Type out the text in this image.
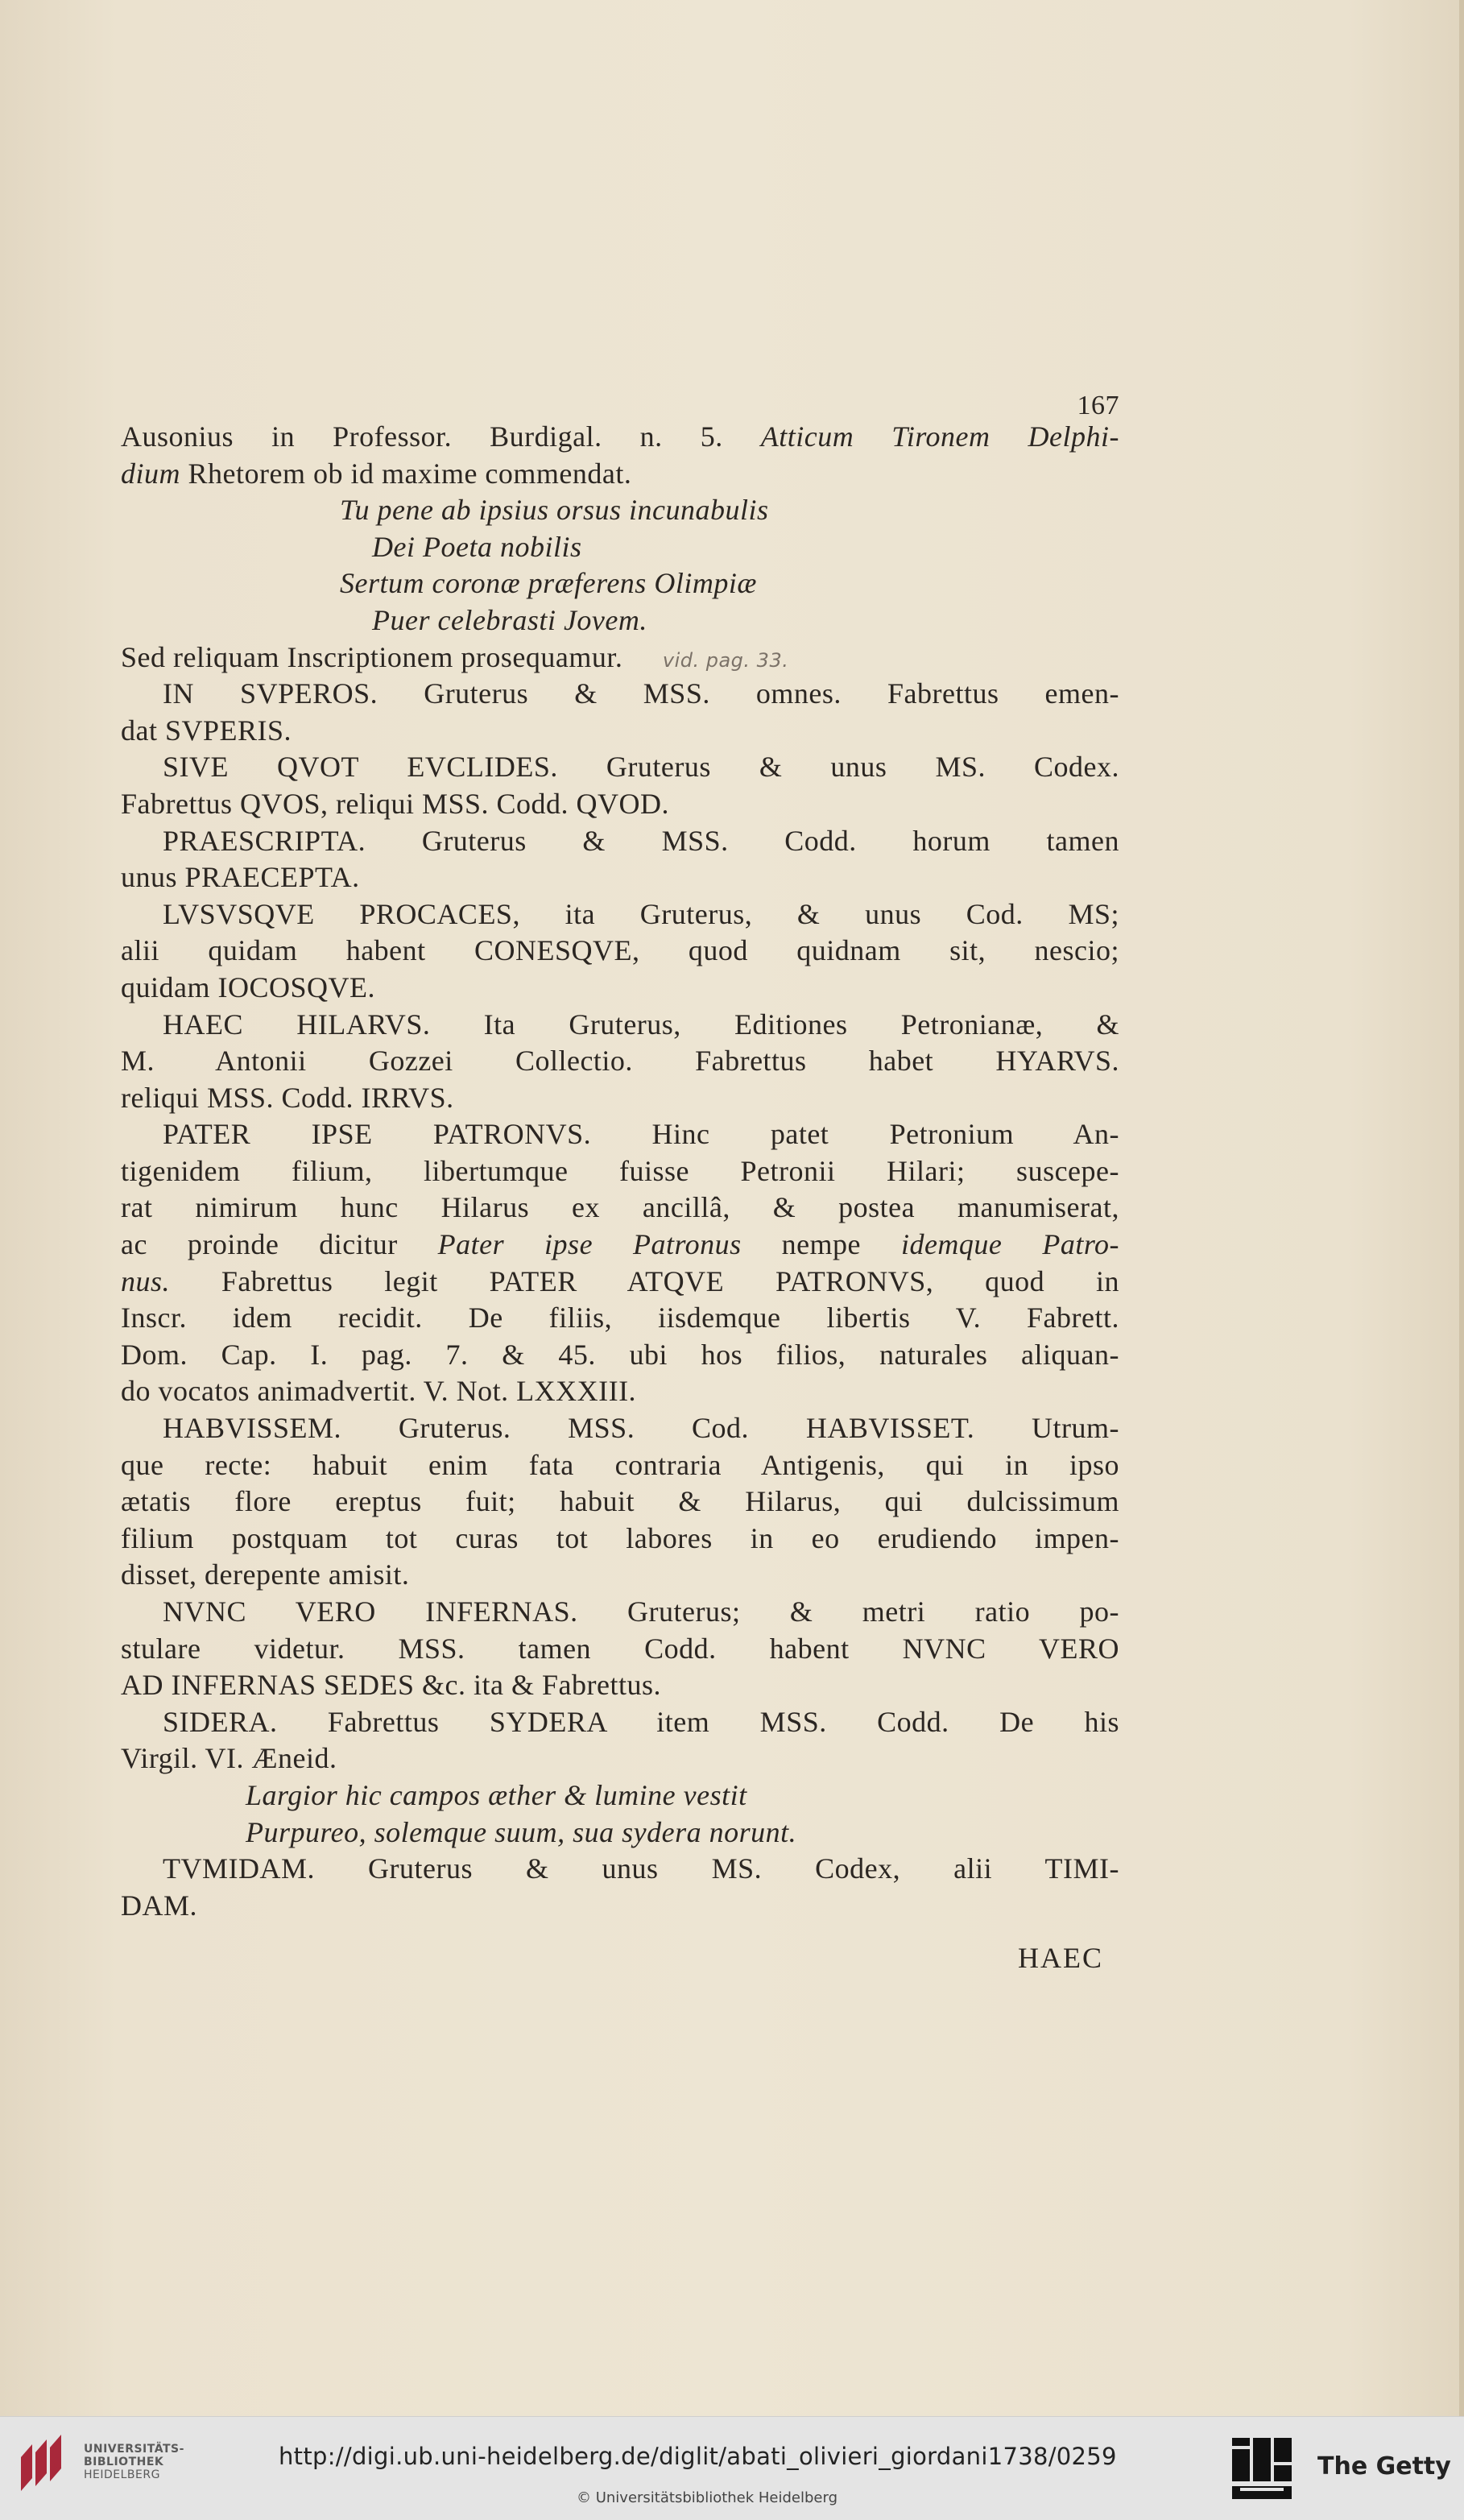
167
Ausonius in Professor. Burdigal. n. 5. Atticum Tironem Delphi-
dium Rhetorem ob id maxime commendat.
Tu pene ab ipsius orsus incunabulis
Dei Poeta nobilis
Sertum coronæ præferens Olimpiæ
Puer celebrasti Jovem.
Sed reliquam Inscriptionem prosequamur. vid. pag. 33.
IN SVPEROS. Gruterus & MSS. omnes. Fabrettus emen-
dat SVPERIS.
SIVE QVOT EVCLIDES. Gruterus & unus MS. Codex.
Fabrettus QVOS, reliqui MSS. Codd. QVOD.
PRAESCRIPTA. Gruterus & MSS. Codd. horum tamen
unus PRAECEPTA.
LVSVSQVE PROCACES, ita Gruterus, & unus Cod. MS;
alii quidam habent CONESQVE, quod quidnam sit, nescio;
quidam IOCOSQVE.
HAEC HILARVS. Ita Gruterus, Editiones Petronianæ, &
M. Antonii Gozzei Collectio. Fabrettus habet HYARVS.
reliqui MSS. Codd. IRRVS.
PATER IPSE PATRONVS. Hinc patet Petronium An-
tigenidem filium, libertumque fuisse Petronii Hilari; suscepe-
rat nimirum hunc Hilarus ex ancillâ, & postea manumiserat,
ac proinde dicitur Pater ipse Patronus nempe idemque Patro-
nus. Fabrettus legit PATER ATQVE PATRONVS, quod in
Inscr. idem recidit. De filiis, iisdemque libertis V. Fabrett.
Dom. Cap. I. pag. 7. & 45. ubi hos filios, naturales aliquan-
do vocatos animadvertit. V. Not. LXXXIII.
HABVISSEM. Gruterus. MSS. Cod. HABVISSET. Utrum-
que recte: habuit enim fata contraria Antigenis, qui in ipso
ætatis flore ereptus fuit; habuit & Hilarus, qui dulcissimum
filium postquam tot curas tot labores in eo erudiendo impen-
disset, derepente amisit.
NVNC VERO INFERNAS. Gruterus; & metri ratio po-
stulare videtur. MSS. tamen Codd. habent NVNC VERO
AD INFERNAS SEDES &c. ita & Fabrettus.
SIDERA. Fabrettus SYDERA item MSS. Codd. De his
Virgil. VI. Æneid.
Largior hic campos æther & lumine vestit
Purpureo, solemque suum, sua sydera norunt.
TVMIDAM. Gruterus & unus MS. Codex, alii TIMI-
DAM.
HAEC
UNIVERSITÄTS-
BIBLIOTHEK
HEIDELBERG
http://digi.ub.uni-heidelberg.de/diglit/abati_olivieri_giordani1738/0259
© Universitätsbibliothek Heidelberg
The Getty
